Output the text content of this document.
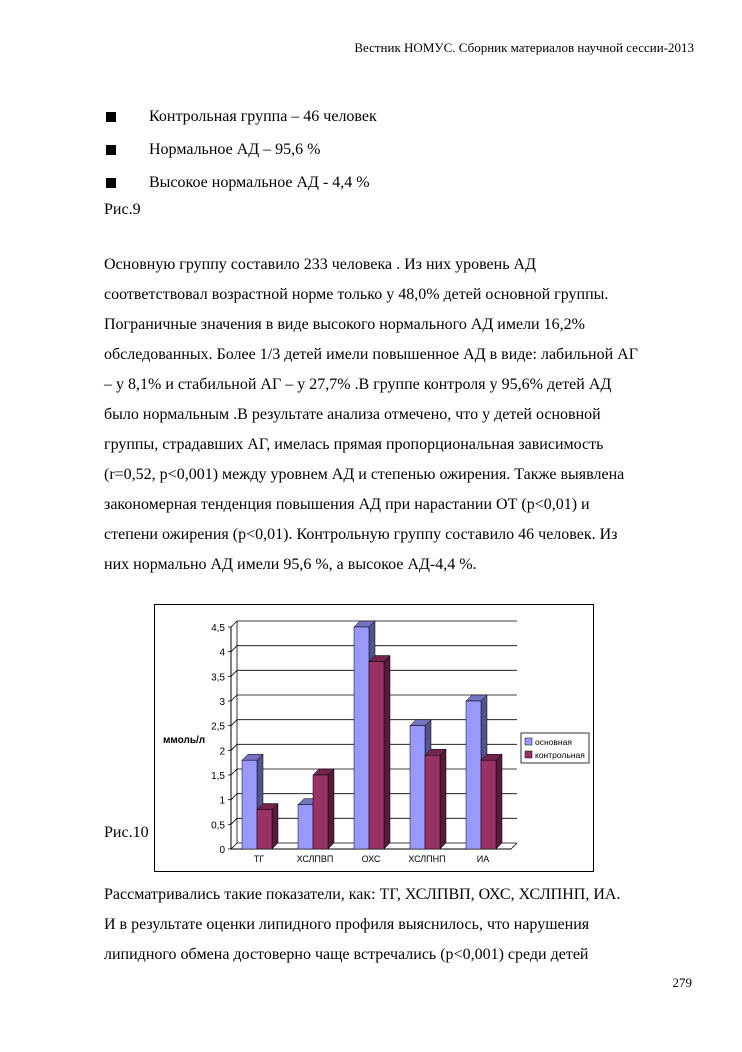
Вестник НОМУС. Сборник материалов научной сессии-2013
Контрольная группа – 46 человек
Нормальное АД – 95,6 %
Высокое нормальное АД - 4,4 %
Рис.9

Основную группу составило 233 человека . Из них уровень АД
соответствовал возрастной норме только у 48,0% детей основной группы.
Пограничные значения в виде высокого нормального АД имели 16,2%
обследованных. Более 1/3 детей имели повышенное АД в виде: лабильной АГ
– у 8,1% и стабильной АГ – у 27,7% .В группе контроля у 95,6% детей АД
было нормальным .В результате анализа отмечено, что у детей основной
группы, страдавших АГ, имелась прямая пропорциональная зависимость
(r=0,52, p<0,001) между уровнем АД и степенью ожирения. Также выявлена
закономерная тенденция повышения АД при нарастании ОТ (p<0,01) и
степени ожирения (p<0,01). Контрольную группу составило 46 человек. Из
них нормально АД имели 95,6 %, а высокое АД-4,4 %.

0
0,5
1
1,5
2
2,5
3
3,5
4
4,5
ммоль/л
ТГ	ХСЛПВП	ОХС	ХСЛПНП	ИА
основная
контрольная
Рис.10

Рассматривались такие показатели, как: ТГ, ХСЛПВП, ОХС, ХСЛПНП, ИА.
И в результате оценки липидного профиля выяснилось, что нарушения
липидного обмена достоверно чаще встречались (p<0,001) среди детей

279
